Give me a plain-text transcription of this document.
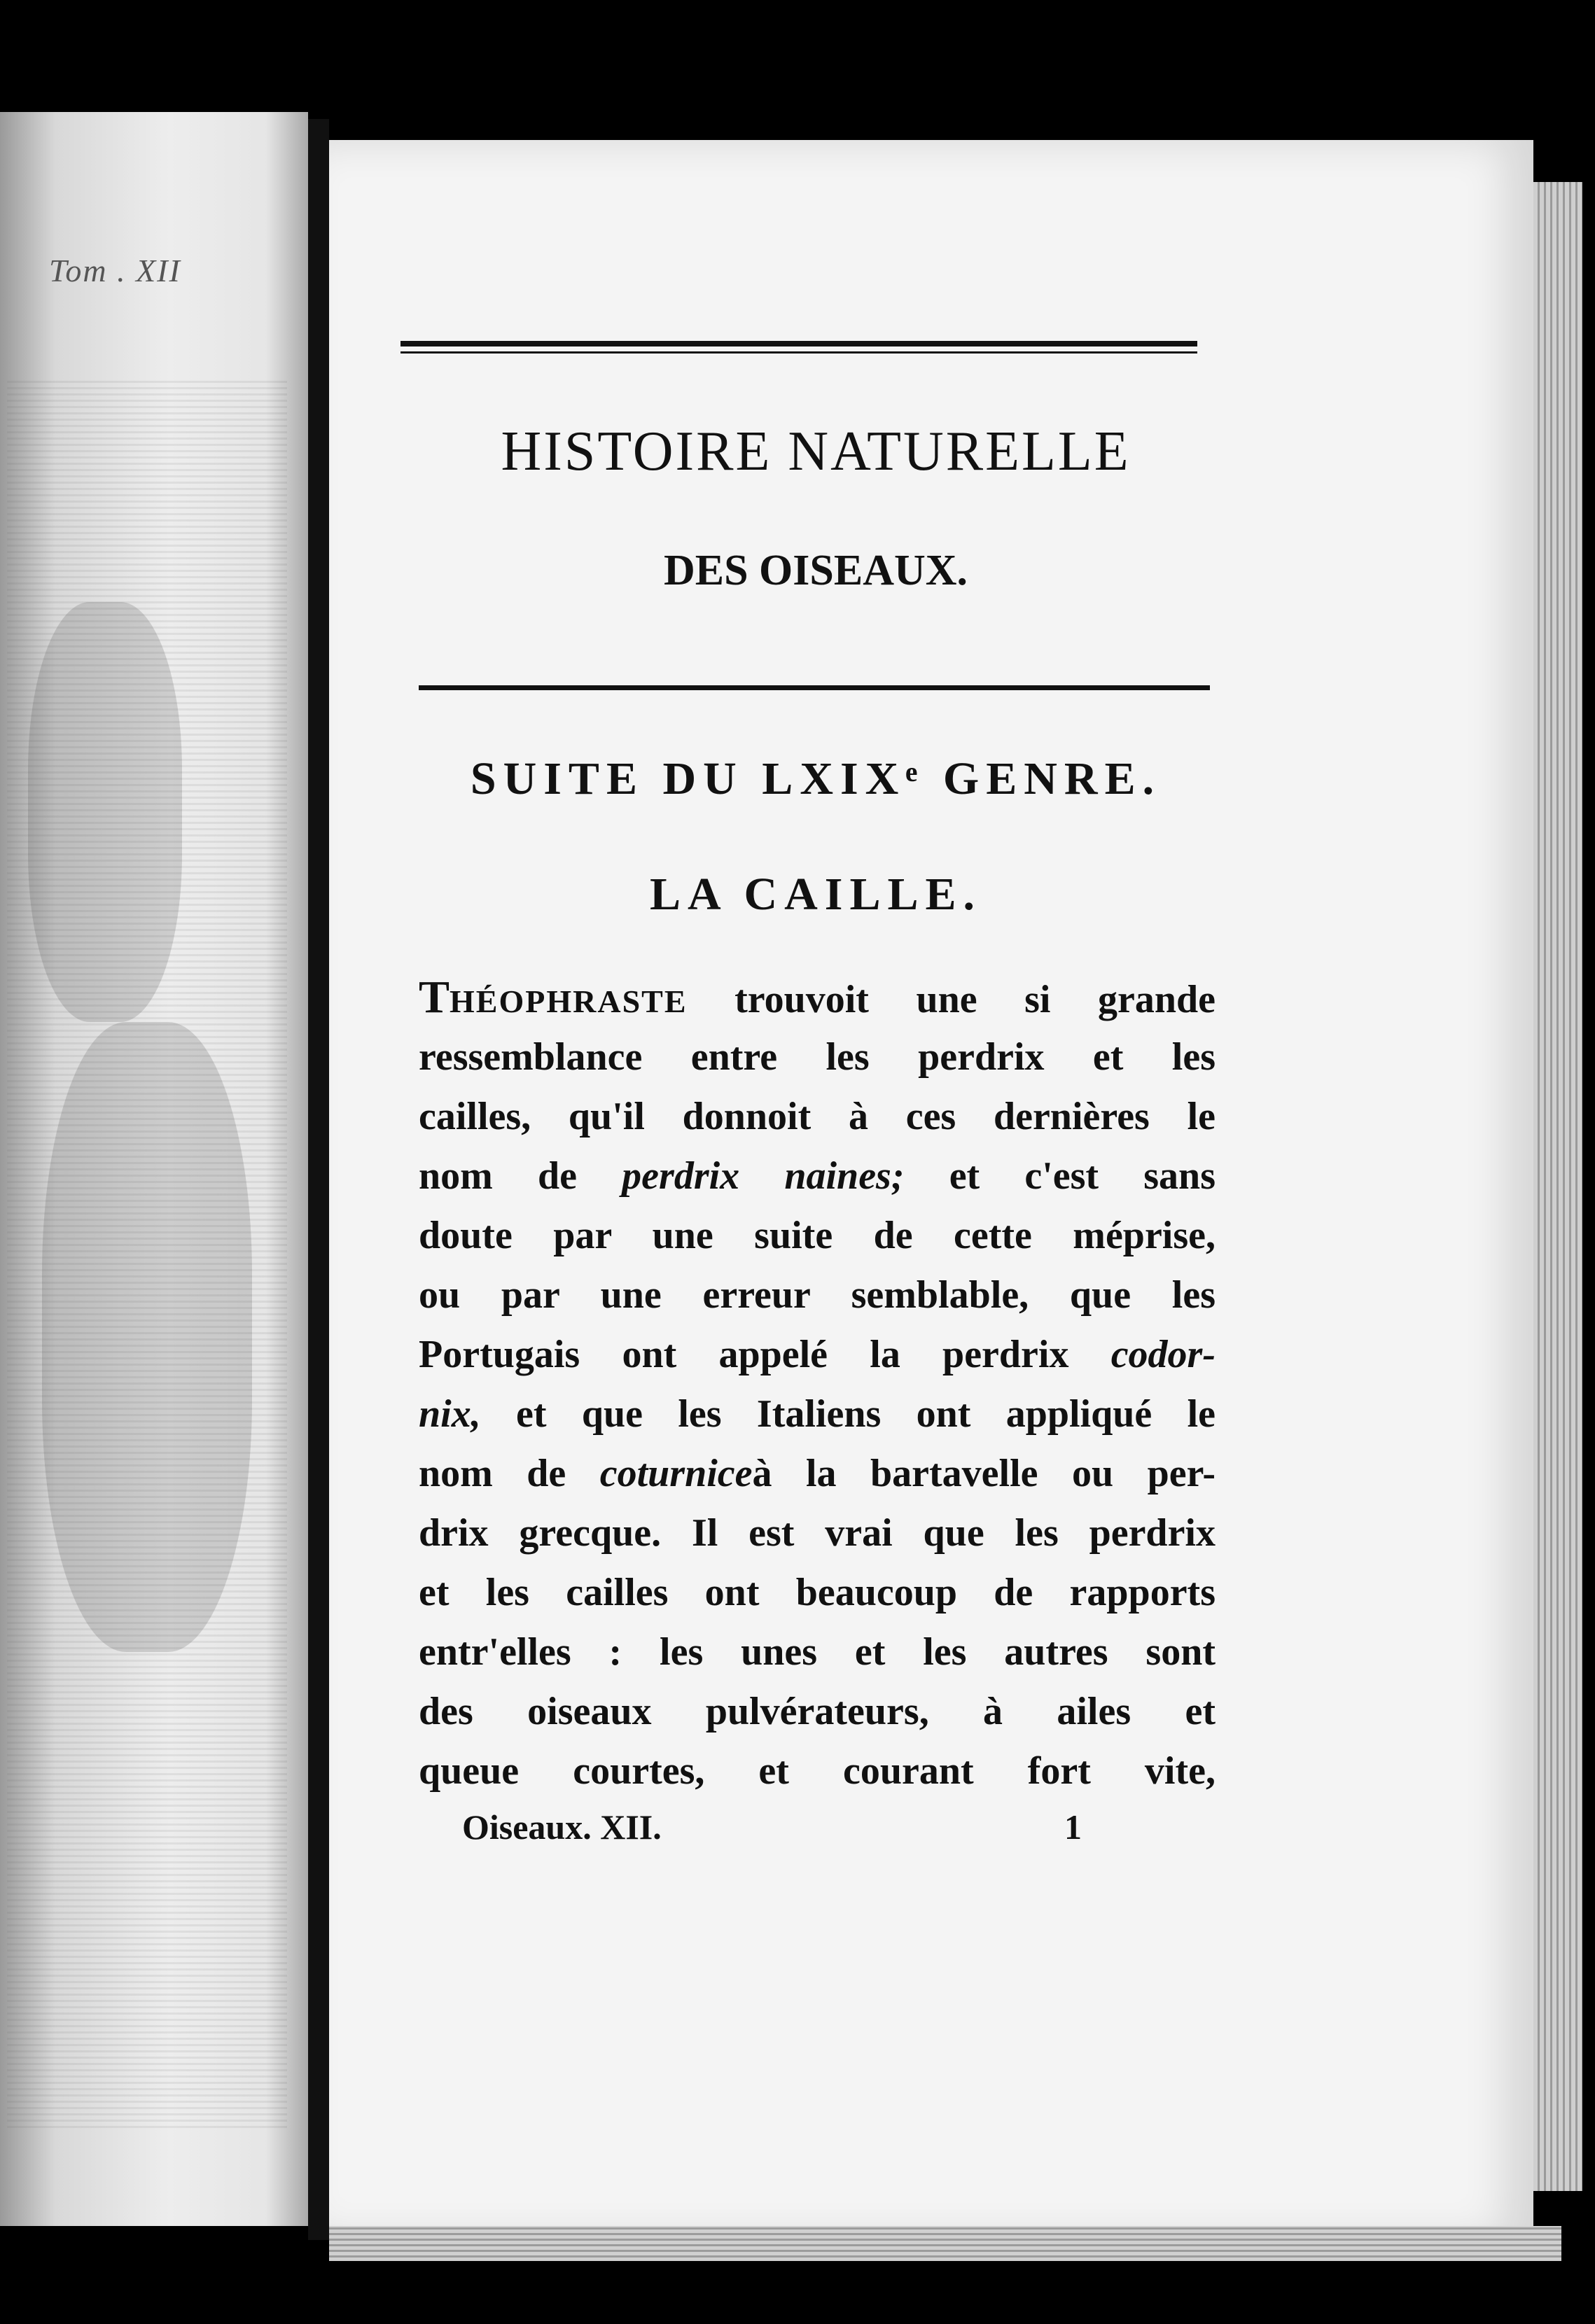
Tom . XII
HISTOIRE NATURELLE
DES OISEAUX.
SUITE DU LXIXᵉ GENRE.
LA CAILLE.
THÉOPHRASTE trouvoit une si grande
ressemblance entre les perdrix et les
cailles, qu'il donnoit à ces dernières le
nom de perdrix naines; et c'est sans
doute par une suite de cette méprise,
ou par une erreur semblable, que les
Portugais ont appelé la perdrix codor-
nix, et que les Italiens ont appliqué le
nom de coturniceà la bartavelle ou per-
drix grecque. Il est vrai que les perdrix
et les cailles ont beaucoup de rapports
entr'elles : les unes et les autres sont
des oiseaux pulvérateurs, à ailes et
queue courtes, et courant fort vite,
Oiseaux. XII.	1
